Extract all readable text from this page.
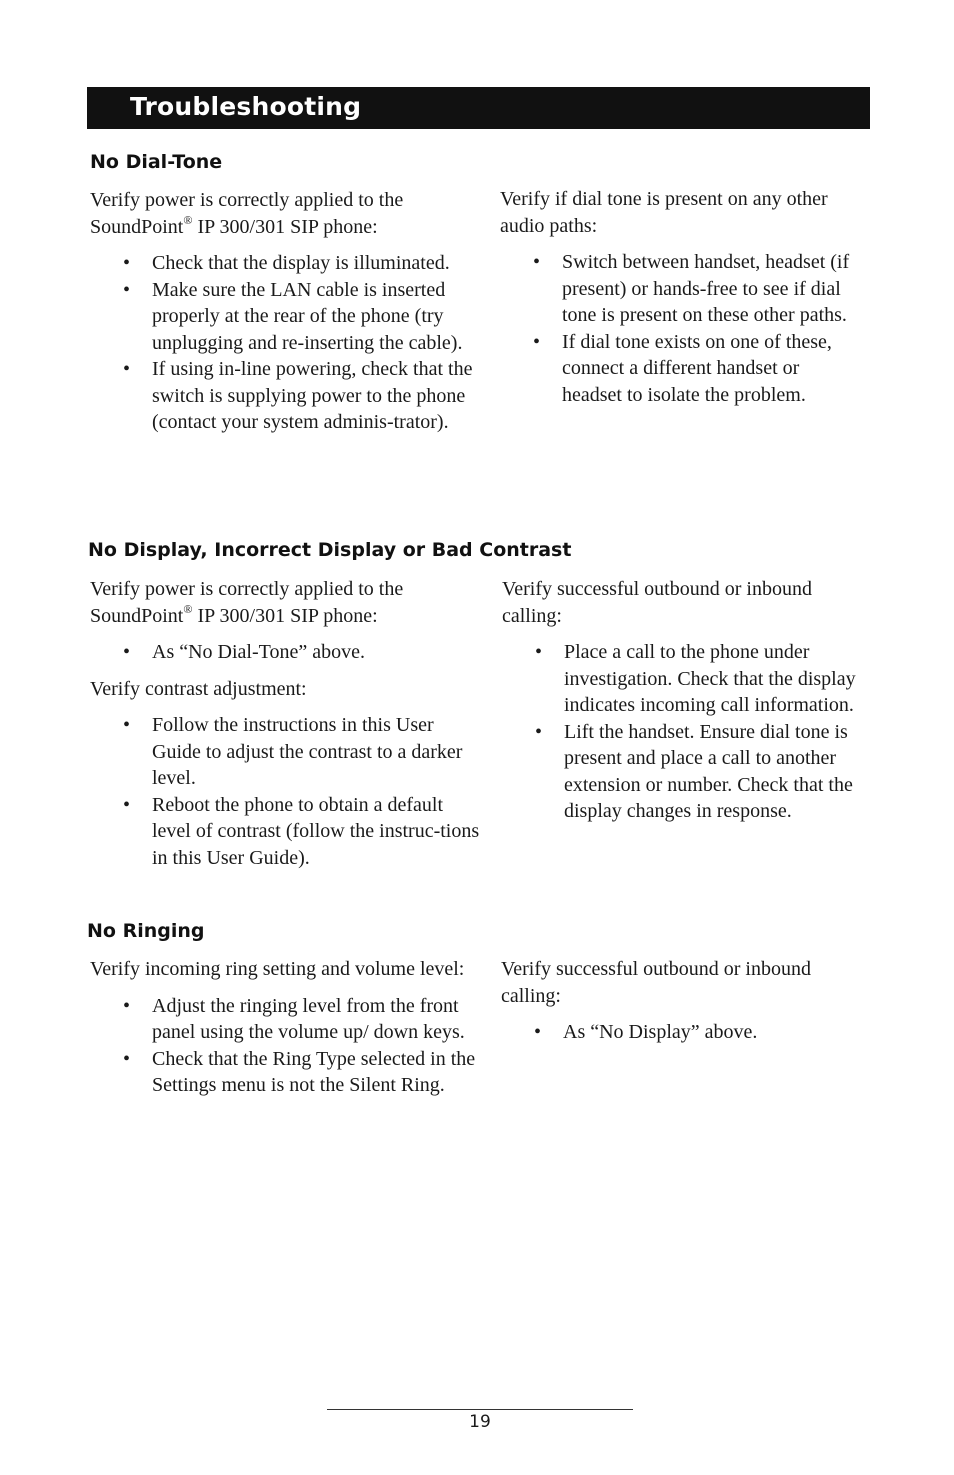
Troubleshooting
No Dial-Tone

Verify power is correctly applied to the SoundPoint® IP 300/301 SIP phone:

• Check that the display is illuminated.
• Make sure the LAN cable is inserted properly at the rear of the phone (try unplugging and re-inserting the cable).
• If using in-line powering, check that the switch is supplying power to the phone (contact your system adminis-trator).

Verify if dial tone is present on any other audio paths:

• Switch between handset, headset (if present) or hands-free to see if dial tone is present on these other paths.
• If dial tone exists on one of these, connect a different handset or headset to isolate the problem.
No Display, Incorrect Display or Bad Contrast

Verify power is correctly applied to the SoundPoint® IP 300/301 SIP phone:

• As “No Dial-Tone” above.

Verify contrast adjustment:

• Follow the instructions in this User Guide to adjust the contrast to a darker level.
• Reboot the phone to obtain a default level of contrast (follow the instruc-tions in this User Guide).

Verify successful outbound or inbound calling:

• Place a call to the phone under investigation. Check that the display indicates incoming call information.
• Lift the handset. Ensure dial tone is present and place a call to another extension or number. Check that the display changes in response.
No Ringing

Verify incoming ring setting and volume level:

• Adjust the ringing level from the front panel using the volume up/ down keys.
• Check that the Ring Type selected in the Settings menu is not the Silent Ring.

Verify successful outbound or inbound calling:

• As “No Display” above.
19
